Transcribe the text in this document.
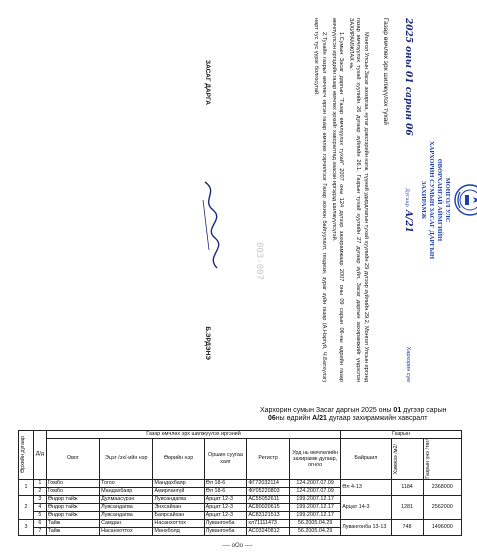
МОНГОЛ УЛС
ӨВӨРХАНГАЙ АЙМГИЙН
ХАРХОРИН СУМЫН ЗАСАГ ДАРГЫН
ЗАХИРАМЖ
2025 оны 01 сарын 06
Дугаар A/21
Хархорин сум
Газар өмчлөх эрх шилжүүлэх тухай

Монгол Улсын Засаг захиргаа, нутаг дэвсгэрийн нэгж, түүний удирдлагын тухай хуулийн 29 дүгээр зүйлийн 29.2, Монгол Улсын иргэнд газар өмчлүүлэх тухай хуулийн 26 дугаар зүйлийн 26.1, Газрын тухай хуулийн 27 дугаар зүйл, Засаг даргын захирамжийг үндэслэн ЗАХИРАМЖЛАХ нь:

1.Сумын Засаг даргын "Газар өмчлүүлэх тухай" 2007 оны 124 дүгээр захирамжаар 2007 оны 09 сарын 06-ны өдрийн газар өмчлүүлсэн иргэдийн газар өмчлөх эрхийг хавсралтад заасан иргэдэд шилжүүлсүгэй.

2.Тухайн газрыг өмчлөгч иргэн газар өмчлөх гэрчилгээг Газар зохион байгуулалт, геодези, зураг зүйн газар (А.Нэргүй, Ч.Батхүлэг) нарт тус тус үүрэг болгосугай.

ЗАСАГ ДАРГА
Б.ЭРДЭНЭ
003-007
Хархорин сумын Засаг даргын 2025 оны 01 дүгээр сарын
06ны өдрийн A/21 дугаар захирамжийн хавсралт
Өрхийн дугаар	Д/д	Газар өмчлөх эрх шилжүүлэх иргэний						Газрын		
		Овог	Эцэг /эх/-ийн нэр	Өөрийн нэр	Оршин суугаа хаяг	Регистр	Урд нь өмчлөлийн захирамж дугаар, огноо	Байршил	Хэмжээ /м2/	Газрын үнэ /төг/

1	1	Гомбо	Тогоо	Мандахбаяр	Өл 18-6	ФГ72032114	124.2007.07.09	Өл 4-13	1184	2368000
	2	Гомбо	Мандахбаяр	Амирлангүй	Өл 18-6	ФУ05220803	124.2007.07.09			
2	3	Өндөр тайж	Дулмаасүрэн	Лувсандагва	Арцат 12-3	АС55052611	199.2007.12.17	Арцат 14-3	1281	2562000
	4	Өндөр тайж	Лувсандагва	Энхсайхан	Арцат 12-3	АС80020615	199.2007.12.17			
	5	Өндөр тайж	Лувсандагва	Баярсайхан	Арцат 12-3	АС83121513	199.2007.12.17			
3	6	Тайж	Самдан	Насанхоттох	Лувангонба	хл71111473	56.2005.04.29	Лувангонба 13-13	748	1496000
	7	Тайж	Насанхоттох	Мөнхболд	Лувангонба	АС03240812	56.2005.04.29			
---- оОо ----
